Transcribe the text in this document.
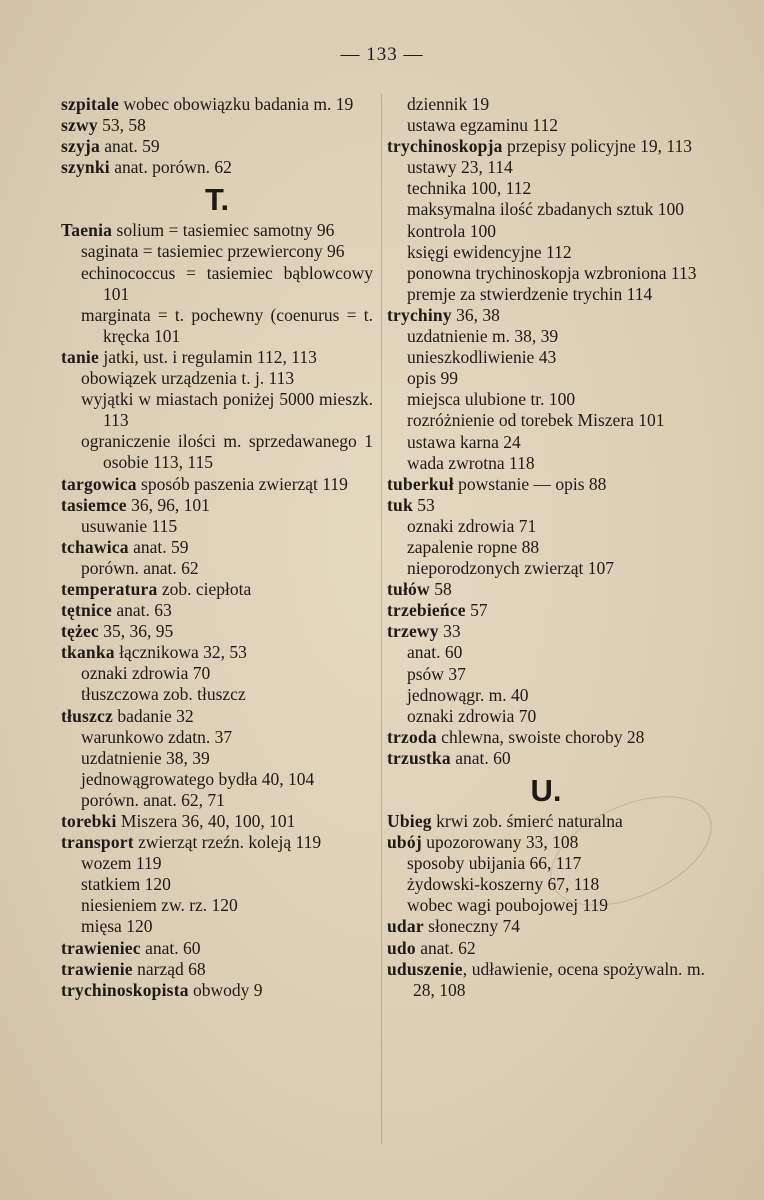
— 133 —
szpitale wobec obowiązku badania m. 19
szwy 53, 58
szyja anat. 59
szynki anat. porówn. 62
T.
Taenia solium = tasiemiec samotny 96
saginata = tasiemiec przewiercony 96
echinococcus = tasiemiec bąblowcowy 101
marginata = t. pochewny (coenurus = t. kręcka 101
tanie jatki, ust. i regulamin 112, 113
obowiązek urządzenia t. j. 113
wyjątki w miastach poniżej 5000 mieszk. 113
ograniczenie ilości m. sprzedawanego 1 osobie 113, 115
targowica sposób paszenia zwierząt 119
tasiemce 36, 96, 101
usuwanie 115
tchawica anat. 59
porówn. anat. 62
temperatura zob. ciepłota
tętnice anat. 63
tężec 35, 36, 95
tkanka łącznikowa 32, 53
oznaki zdrowia 70
tłuszczowa zob. tłuszcz
tłuszcz badanie 32
warunkowo zdatn. 37
uzdatnienie 38, 39
jednowągrowatego bydła 40, 104
porówn. anat. 62, 71
torebki Miszera 36, 40, 100, 101
transport zwierząt rzeźn. koleją 119
wozem 119
statkiem 120
niesieniem zw. rz. 120
mięsa 120
trawieniec anat. 60
trawienie narząd 68
trychinoskopista obwody 9
dziennik 19
ustawa egzaminu 112
trychinoskopja przepisy policyjne 19, 113
ustawy 23, 114
technika 100, 112
maksymalna ilość zbadanych sztuk 100
kontrola 100
księgi ewidencyjne 112
ponowna trychinoskopja wzbroniona 113
premje za stwierdzenie trychin 114
trychiny 36, 38
uzdatnienie m. 38, 39
unieszkodliwienie 43
opis 99
miejsca ulubione tr. 100
rozróżnienie od torebek Miszera 101
ustawa karna 24
wada zwrotna 118
tuberkuł powstanie — opis 88
tuk 53
oznaki zdrowia 71
zapalenie ropne 88
nieporodzonych zwierząt 107
tułów 58
trzebieńce 57
trzewy 33
anat. 60
psów 37
jednowągr. m. 40
oznaki zdrowia 70
trzoda chlewna, swoiste choroby 28
trzustka anat. 60
U.
Ubieg krwi zob. śmierć naturalna
ubój upozorowany 33, 108
sposoby ubijania 66, 117
żydowski-koszerny 67, 118
wobec wagi poubojowej 119
udar słoneczny 74
udo anat. 62
uduszenie, udławienie, ocena spożywaln. m. 28, 108
